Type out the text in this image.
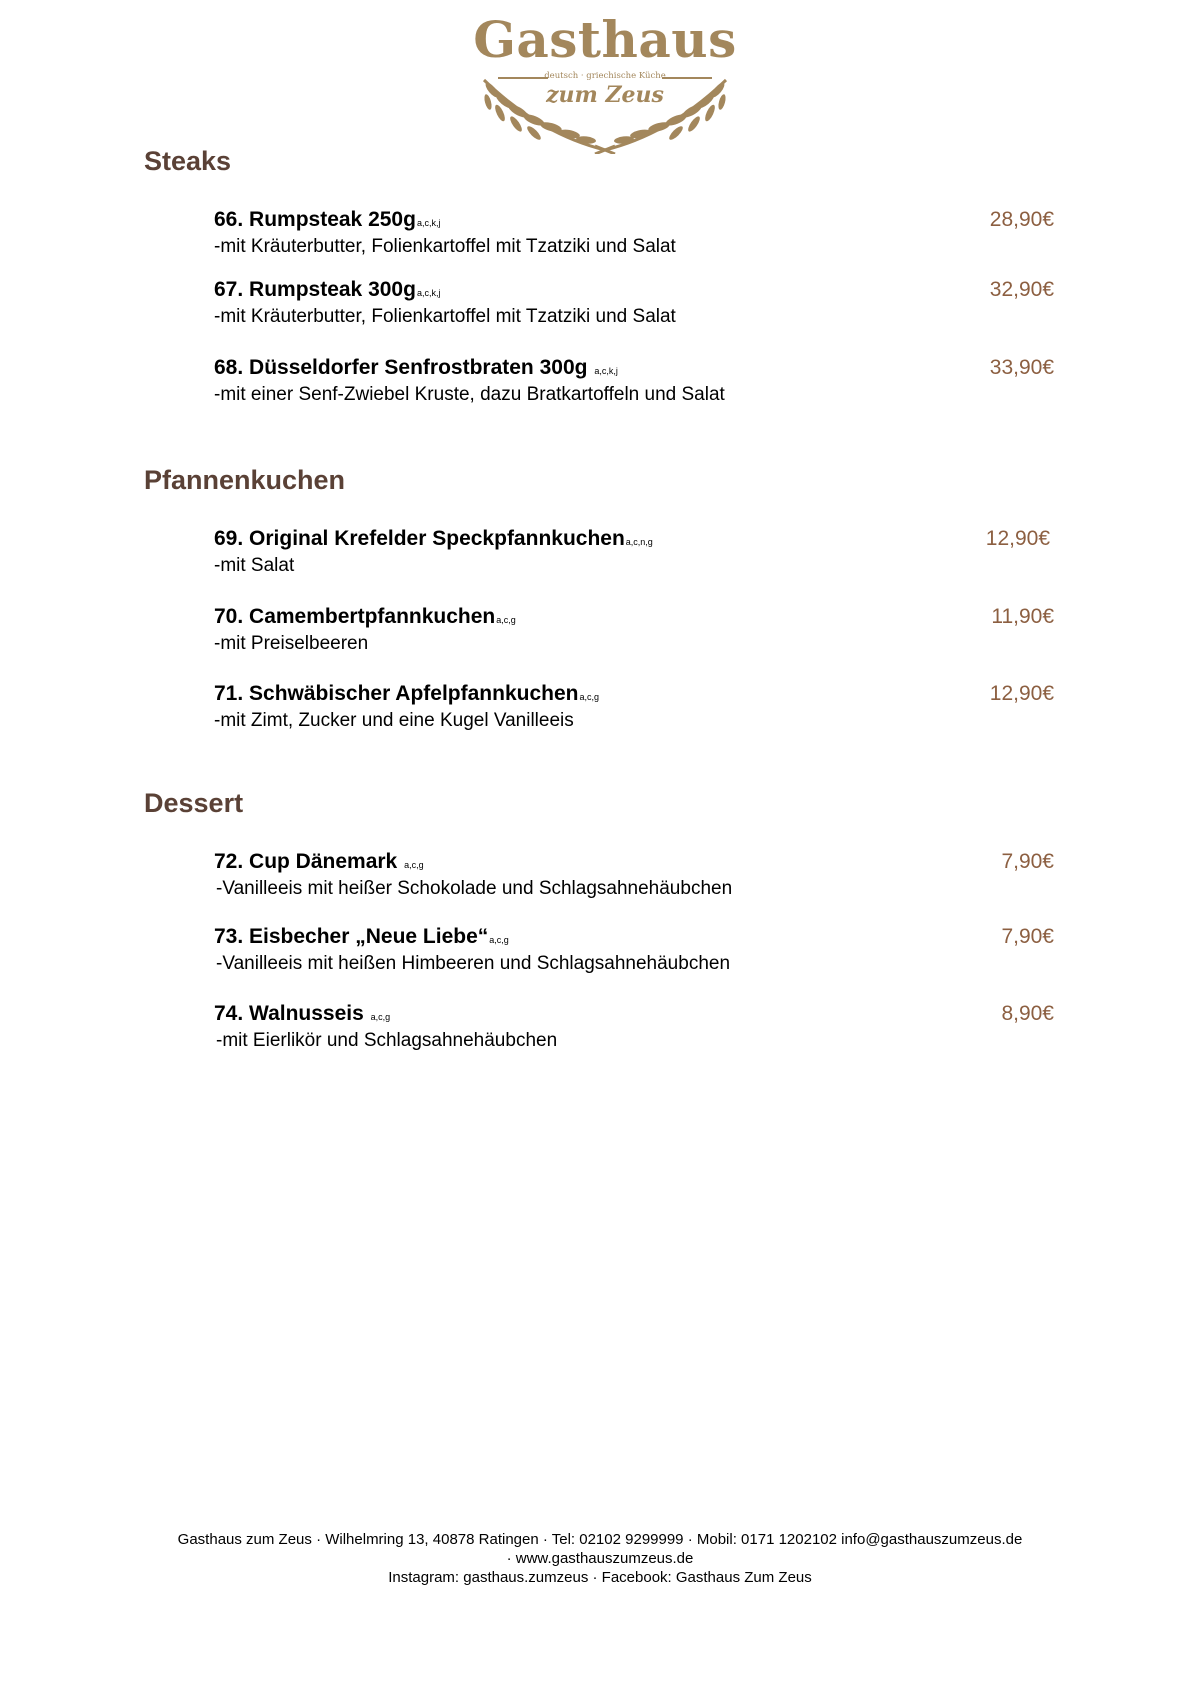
Gasthaus
deutsch · griechische Küche
zum Zeus
Steaks
66. Rumpsteak 250ga,c,k,j
-mit Kräuterbutter, Folienkartoffel mit Tzatziki und Salat
28,90€
67. Rumpsteak 300ga,c,k,j
-mit Kräuterbutter, Folienkartoffel mit Tzatziki und Salat
32,90€
68. Düsseldorfer Senfrostbraten 300g a,c,k,j
-mit einer Senf-Zwiebel Kruste, dazu Bratkartoffeln und Salat
33,90€
Pfannenkuchen
69. Original Krefelder Speckpfannkuchena,c,n,g
-mit Salat
12,90€
70. Camembertpfannkuchena,c,g
-mit Preiselbeeren
11,90€
71. Schwäbischer Apfelpfannkuchena,c,g
-mit Zimt, Zucker und eine Kugel Vanilleeis
12,90€
Dessert
72. Cup Dänemark a,c,g
-Vanilleeis mit heißer Schokolade und Schlagsahnehäubchen
7,90€
73. Eisbecher „Neue Liebe“a,c,g
-Vanilleeis mit heißen Himbeeren und Schlagsahnehäubchen
7,90€
74. Walnusseis a,c,g
-mit Eierlikör und Schlagsahnehäubchen
8,90€
Gasthaus zum Zeus · Wilhelmring 13, 40878 Ratingen · Tel: 02102 9299999 · Mobil: 0171 1202102 info@gasthauszumzeus.de
· www.gasthauszumzeus.de
Instagram: gasthaus.zumzeus · Facebook: Gasthaus Zum Zeus
